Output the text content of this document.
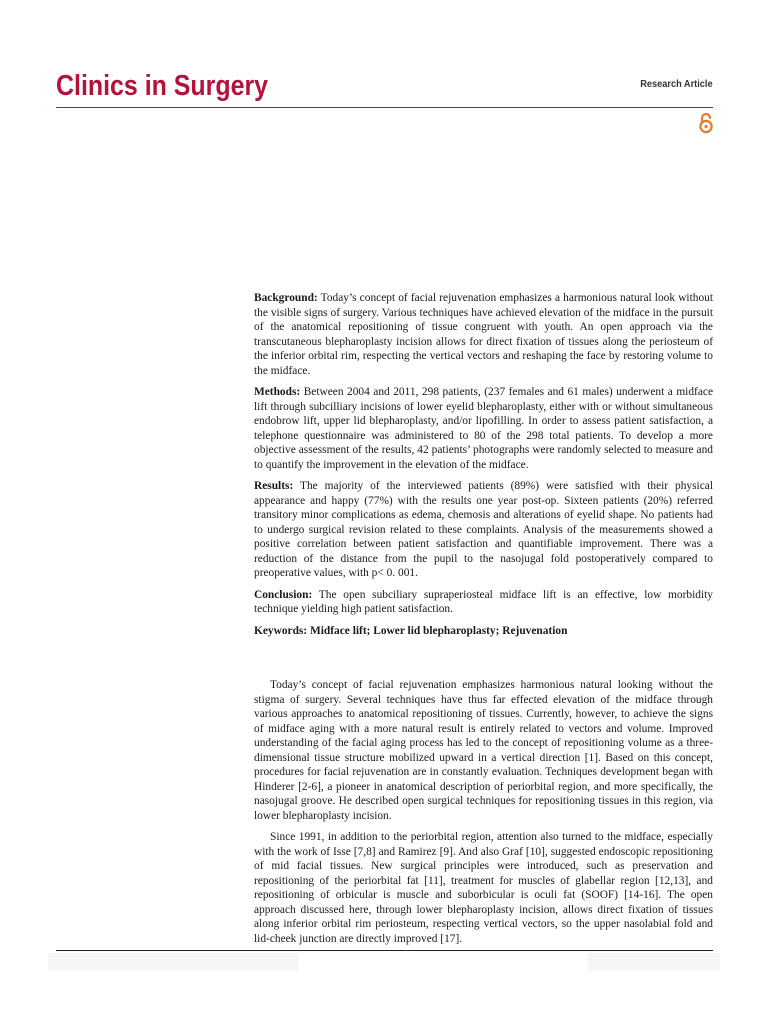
Clinics in Surgery	Research Article

Background: Today’s concept of facial rejuvenation emphasizes a harmonious natural look without the visible signs of surgery. Various techniques have achieved elevation of the midface in the pursuit of the anatomical repositioning of tissue congruent with youth. An open approach via the transcutaneous blepharoplasty incision allows for direct fixation of tissues along the periosteum of the inferior orbital rim, respecting the vertical vectors and reshaping the face by restoring volume to the midface.

Methods: Between 2004 and 2011, 298 patients, (237 females and 61 males) underwent a midface lift through subcilliary incisions of lower eyelid blepharoplasty, either with or without simultaneous endobrow lift, upper lid blepharoplasty, and/or lipofilling. In order to assess patient satisfaction, a telephone questionnaire was administered to 80 of the 298 total patients. To develop a more objective assessment of the results, 42 patients’ photographs were randomly selected to measure and to quantify the improvement in the elevation of the midface.

Results: The majority of the interviewed patients (89%) were satisfied with their physical appearance and happy (77%) with the results one year post-op. Sixteen patients (20%) referred transitory minor complications as edema, chemosis and alterations of eyelid shape. No patients had to undergo surgical revision related to these complaints. Analysis of the measurements showed a positive correlation between patient satisfaction and quantifiable improvement. There was a reduction of the distance from the pupil to the nasojugal fold postoperatively compared to preoperative values, with p< 0. 001.

Conclusion: The open subciliary supraperiosteal midface lift is an effective, low morbidity technique yielding high patient satisfaction.

Keywords: Midface lift; Lower lid blepharoplasty; Rejuvenation

Today’s concept of facial rejuvenation emphasizes harmonious natural looking without the stigma of surgery. Several techniques have thus far effected elevation of the midface through various approaches to anatomical repositioning of tissues. Currently, however, to achieve the signs of midface aging with a more natural result is entirely related to vectors and volume. Improved understanding of the facial aging process has led to the concept of repositioning volume as a three-dimensional tissue structure mobilized upward in a vertical direction [1]. Based on this concept, procedures for facial rejuvenation are in constantly evaluation. Techniques development began with Hinderer [2-6], a pioneer in anatomical description of periorbital region, and more specifically, the nasojugal groove. He described open surgical techniques for repositioning tissues in this region, via lower blepharoplasty incision.

Since 1991, in addition to the periorbital region, attention also turned to the midface, especially with the work of Isse [7,8] and Ramirez [9]. And also Graf [10], suggested endoscopic repositioning of mid facial tissues. New surgical principles were introduced, such as preservation and repositioning of the periorbital fat [11], treatment for muscles of glabellar region [12,13], and repositioning of orbicular is muscle and suborbicular is oculi fat (SOOF) [14-16]. The open approach discussed here, through lower blepharoplasty incision, allows direct fixation of tissues along inferior orbital rim periosteum, respecting vertical vectors, so the upper nasolabial fold and lid-cheek junction are directly improved [17].
